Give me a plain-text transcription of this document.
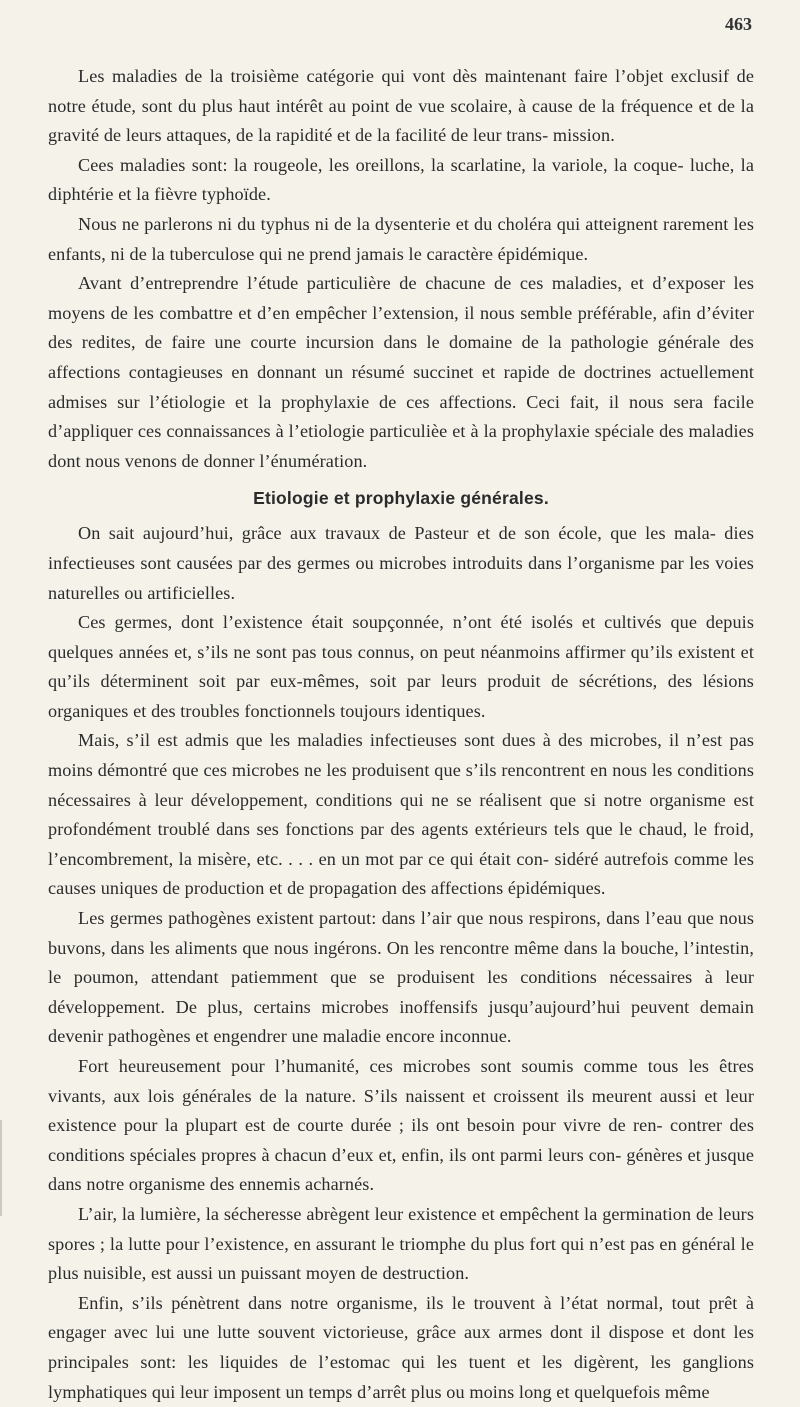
463

Les maladies de la troisième catégorie qui vont dès maintenant faire l’objet exclusif de notre étude, sont du plus haut intérêt au point de vue scolaire, à cause de la fréquence et de la gravité de leurs attaques, de la rapidité et de la facilité de leur trans- mission.

Cees maladies sont: la rougeole, les oreillons, la scarlatine, la variole, la coque- luche, la diphtérie et la fièvre typhoïde.

Nous ne parlerons ni du typhus ni de la dysenterie et du choléra qui atteignent rarement les enfants, ni de la tuberculose qui ne prend jamais le caractère épidémique.

Avant d’entreprendre l’étude particulière de chacune de ces maladies, et d’exposer les moyens de les combattre et d’en empêcher l’extension, il nous semble préférable, afin d’éviter des redites, de faire une courte incursion dans le domaine de la pathologie générale des affections contagieuses en donnant un résumé succinet et rapide de doctrines actuellement admises sur l’étiologie et la prophylaxie de ces affections. Ceci fait, il nous sera facile d’appliquer ces connaissances à l’etiologie particulièe et à la prophylaxie spéciale des maladies dont nous venons de donner l’énumération.

Etiologie et prophylaxie générales.

On sait aujourd’hui, grâce aux travaux de Pasteur et de son école, que les mala- dies infectieuses sont causées par des germes ou microbes introduits dans l’organisme par les voies naturelles ou artificielles.

Ces germes, dont l’existence était soupçonnée, n’ont été isolés et cultivés que depuis quelques années et, s’ils ne sont pas tous connus, on peut néanmoins affirmer qu’ils existent et qu’ils déterminent soit par eux-mêmes, soit par leurs produit de sécrétions, des lésions organiques et des troubles fonctionnels toujours identiques.

Mais, s’il est admis que les maladies infectieuses sont dues à des microbes, il n’est pas moins démontré que ces microbes ne les produisent que s’ils rencontrent en nous les conditions nécessaires à leur développement, conditions qui ne se réalisent que si notre organisme est profondément troublé dans ses fonctions par des agents extérieurs tels que le chaud, le froid, l’encombrement, la misère, etc. . . . en un mot par ce qui était con- sidéré autrefois comme les causes uniques de production et de propagation des affections épidémiques.

Les germes pathogènes existent partout: dans l’air que nous respirons, dans l’eau que nous buvons, dans les aliments que nous ingérons. On les rencontre même dans la bouche, l’intestin, le poumon, attendant patiemment que se produisent les conditions nécessaires à leur développement. De plus, certains microbes inoffensifs jusqu’aujourd’hui peuvent demain devenir pathogènes et engendrer une maladie encore inconnue.

Fort heureusement pour l’humanité, ces microbes sont soumis comme tous les êtres vivants, aux lois générales de la nature. S’ils naissent et croissent ils meurent aussi et leur existence pour la plupart est de courte durée ; ils ont besoin pour vivre de ren- contrer des conditions spéciales propres à chacun d’eux et, enfin, ils ont parmi leurs con- génères et jusque dans notre organisme des ennemis acharnés.

L’air, la lumière, la sécheresse abrègent leur existence et empêchent la germination de leurs spores ; la lutte pour l’existence, en assurant le triomphe du plus fort qui n’est pas en général le plus nuisible, est aussi un puissant moyen de destruction.

Enfin, s’ils pénètrent dans notre organisme, ils le trouvent à l’état normal, tout prêt à engager avec lui une lutte souvent victorieuse, grâce aux armes dont il dispose et dont les principales sont: les liquides de l’estomac qui les tuent et les digèrent, les ganglions lymphatiques qui leur imposent un temps d’arrêt plus ou moins long et quelquefois même
